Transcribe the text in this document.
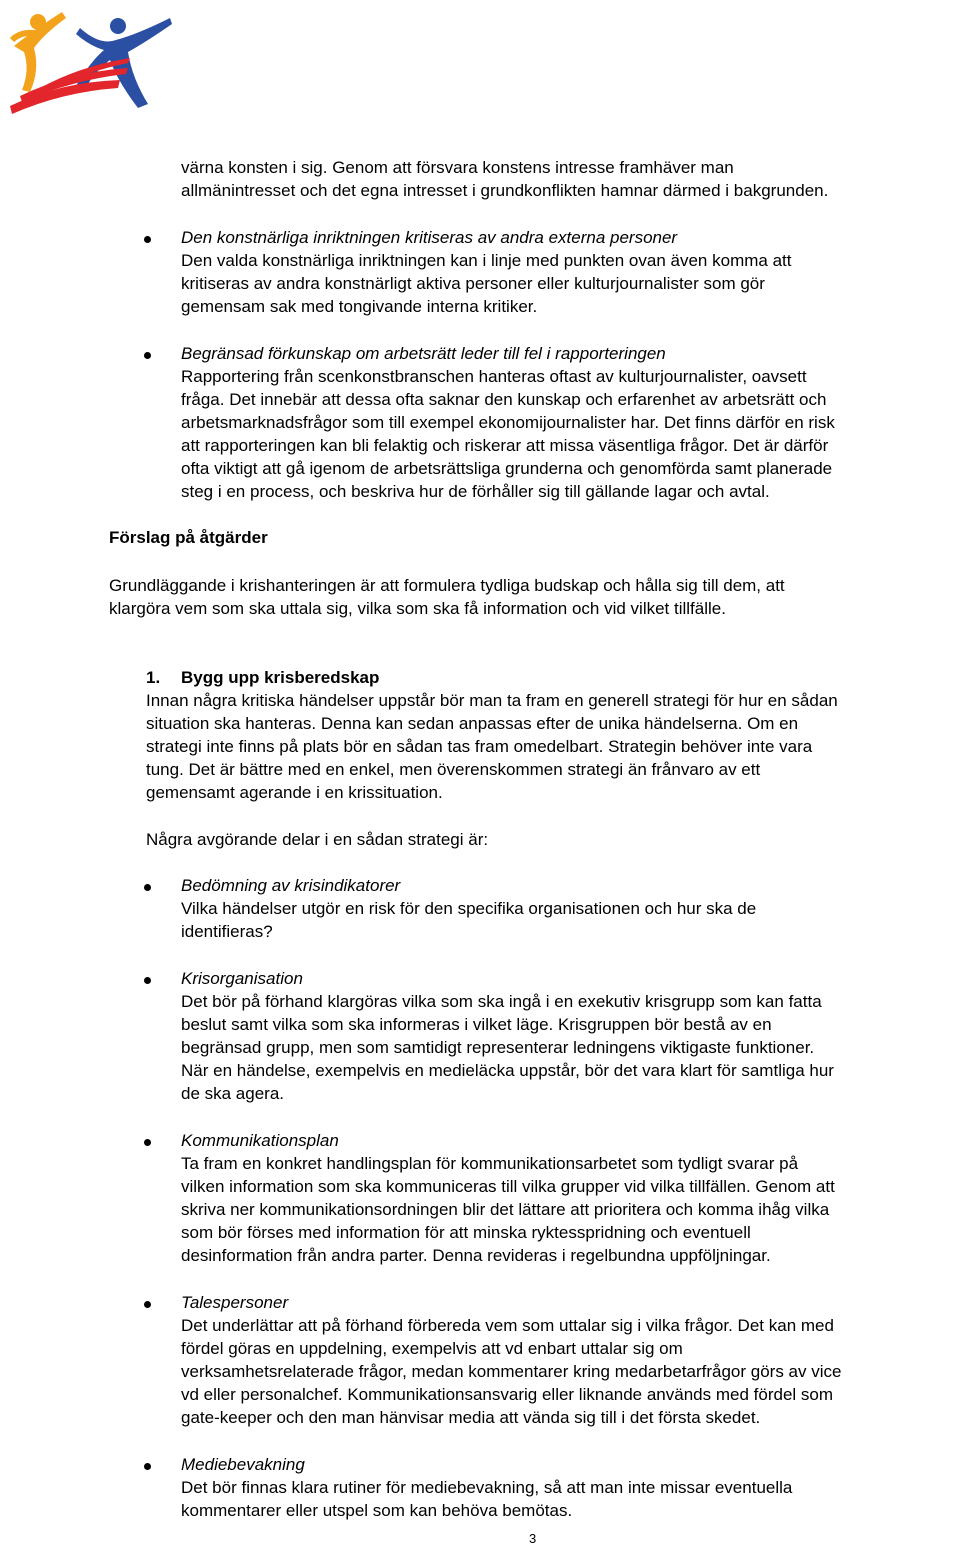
värna konsten i sig. Genom att försvara konstens intresse framhäver man
allmänintresset och det egna intresset i grundkonflikten hamnar därmed i bakgrunden.
Den konstnärliga inriktningen kritiseras av andra externa personer
Den valda konstnärliga inriktningen kan i linje med punkten ovan även komma att
kritiseras av andra konstnärligt aktiva personer eller kulturjournalister som gör
gemensam sak med tongivande interna kritiker.
Begränsad förkunskap om arbetsrätt leder till fel i rapporteringen
Rapportering från scenkonstbranschen hanteras oftast av kulturjournalister, oavsett
fråga. Det innebär att dessa ofta saknar den kunskap och erfarenhet av arbetsrätt och
arbetsmarknadsfrågor som till exempel ekonomijournalister har. Det finns därför en risk
att rapporteringen kan bli felaktig och riskerar att missa väsentliga frågor. Det är därför
ofta viktigt att gå igenom de arbetsrättsliga grunderna och genomförda samt planerade
steg i en process, och beskriva hur de förhåller sig till gällande lagar och avtal.
Förslag på åtgärder
Grundläggande i krishanteringen är att formulera tydliga budskap och hålla sig till dem, att
klargöra vem som ska uttala sig, vilka som ska få information och vid vilket tillfälle.
1. Bygg upp krisberedskap
Innan några kritiska händelser uppstår bör man ta fram en generell strategi för hur en sådan
situation ska hanteras. Denna kan sedan anpassas efter de unika händelserna. Om en
strategi inte finns på plats bör en sådan tas fram omedelbart. Strategin behöver inte vara
tung. Det är bättre med en enkel, men överenskommen strategi än frånvaro av ett
gemensamt agerande i en krissituation.
Några avgörande delar i en sådan strategi är:
Bedömning av krisindikatorer
Vilka händelser utgör en risk för den specifika organisationen och hur ska de
identifieras?
Krisorganisation
Det bör på förhand klargöras vilka som ska ingå i en exekutiv krisgrupp som kan fatta
beslut samt vilka som ska informeras i vilket läge. Krisgruppen bör bestå av en
begränsad grupp, men som samtidigt representerar ledningens viktigaste funktioner.
När en händelse, exempelvis en medieläcka uppstår, bör det vara klart för samtliga hur
de ska agera.
Kommunikationsplan
Ta fram en konkret handlingsplan för kommunikationsarbetet som tydligt svarar på
vilken information som ska kommuniceras till vilka grupper vid vilka tillfällen. Genom att
skriva ner kommunikationsordningen blir det lättare att prioritera och komma ihåg vilka
som bör förses med information för att minska ryktesspridning och eventuell
desinformation från andra parter. Denna revideras i regelbundna uppföljningar.
Talespersoner
Det underlättar att på förhand förbereda vem som uttalar sig i vilka frågor. Det kan med
fördel göras en uppdelning, exempelvis att vd enbart uttalar sig om
verksamhetsrelaterade frågor, medan kommentarer kring medarbetarfrågor görs av vice
vd eller personalchef. Kommunikationsansvarig eller liknande används med fördel som
gate-keeper och den man hänvisar media att vända sig till i det första skedet.
Mediebevakning
Det bör finnas klara rutiner för mediebevakning, så att man inte missar eventuella
kommentarer eller utspel som kan behöva bemötas.
3
